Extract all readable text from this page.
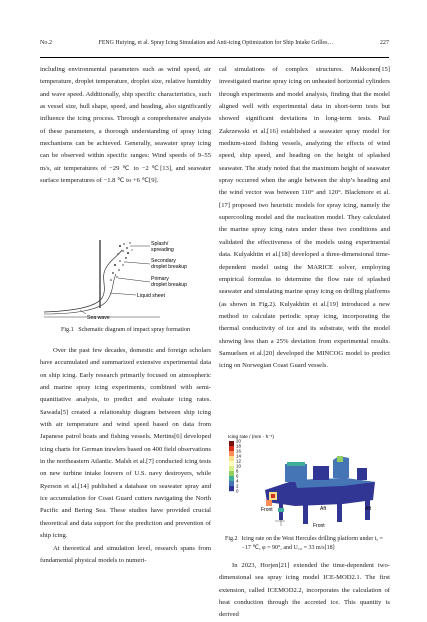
No.2	FENG Huiying, et al. Spray Icing Simulation and Anti-icing Optimization for Ship Intake Grilles…	227

including environmental parameters such as wind speed, air temperature, droplet temperature, droplet size, relative humidity and wave speed. Additionally, ship specific characteristics, such as vessel size, hull shape, speed, and heading, also significantly influence the icing process. Through a comprehensive analysis of these parameters, a thorough understanding of spray icing mechanisms can be achieved. Generally, seawater spray icing can be observed within specific ranges: Wind speeds of 9–55 m/s, air temperatures of −29 ℃ to −2 ℃[13], and seawater surface temperatures of −1.8 ℃ to +6 ℃[9].

Splash/
spreading
Secondary
droplet breakup
Primary
droplet breakup
Liquid sheet
Sea wave
Fig.1 Schematic diagram of impact spray formation

Over the past few decades, domestic and foreign scholars have accumulated and summarized extensive experimental data on ship icing. Early research primarily focused on atmospheric and marine spray icing experiments, combined with semi-quantitative analysis, to predict and evaluate icing rates. Sawada[5] created a relationship diagram between ship icing with air temperature and wind speed based on data from Japanese patrol boats and fishing vessels. Mertins[6] developed icing charts for German trawlers based on 400 field observations in the northeastern Atlantic. Malsh et al.[7] conducted icing tests on new turbine intake louvers of U.S. navy destroyers, while Ryerson et al.[14] published a database on seawater spray and ice accumulation for Coast Guard cutters navigating the North Pacific and Bering Sea. These studies have provided crucial theoretical and data support for the prediction and prevention of ship icing.

At theoretical and simulation level, research spans from fundamental physical models to numeri-

cal simulations of complex structures. Makkonen[15] investigated marine spray icing on unheated horizontal cylinders through experiments and model analysis, finding that the model aligned well with experimental data in short-term tests but showed significant deviations in long-term tests. Paul Zakrzewski et al.[16] established a seawater spray model for medium-sized fishing vessels, analyzing the effects of wind speed, ship speed, and heading on the height of splashed seawater. The study noted that the maximum height of seawater spray occurred when the angle between the ship’s heading and the wind vector was between 110° and 120°. Blackmore et al.[17] proposed two heuristic models for spray icing, namely the supercooling model and the nucleation model. They calculated the marine spray icing rates under these two conditions and validated the effectiveness of the models using experimental data. Kulyakhtin et al.[18] developed a three-dimensional time-dependent model using the MARICE solver, employing empirical formulas to determine the flow rate of splashed seawater and simulating marine spray icing on drilling platforms (as shown in Fig.2). Kulyakhtin et al.[19] introduced a new method to calculate periodic spray icing, incorporating the thermal conductivity of ice and its substrate, with the model showing less than a 25% deviation from experimental results. Samuelsen et al.[20] developed the MINCOG model to predict icing on Norwegian Coast Guard vessels.

Icing rate / (mm · h⁻¹)
20
18
16
14
12
10
8
6
4
2
0
Front	Aft	Aft
Front
Fig.2 Icing rate on the West Hercules drilling platform under tₐ = −17 ℃, φ = 90°, and U₁₀ = 33 m/s[18]

In 2023, Horjen[21] extended the time-dependent two-dimensional sea spray icing model ICE-MOD2.1. The first extension, called ICEMOD2.2, incorporates the calculation of heat conduction through the accreted ice. This quantity is derived
